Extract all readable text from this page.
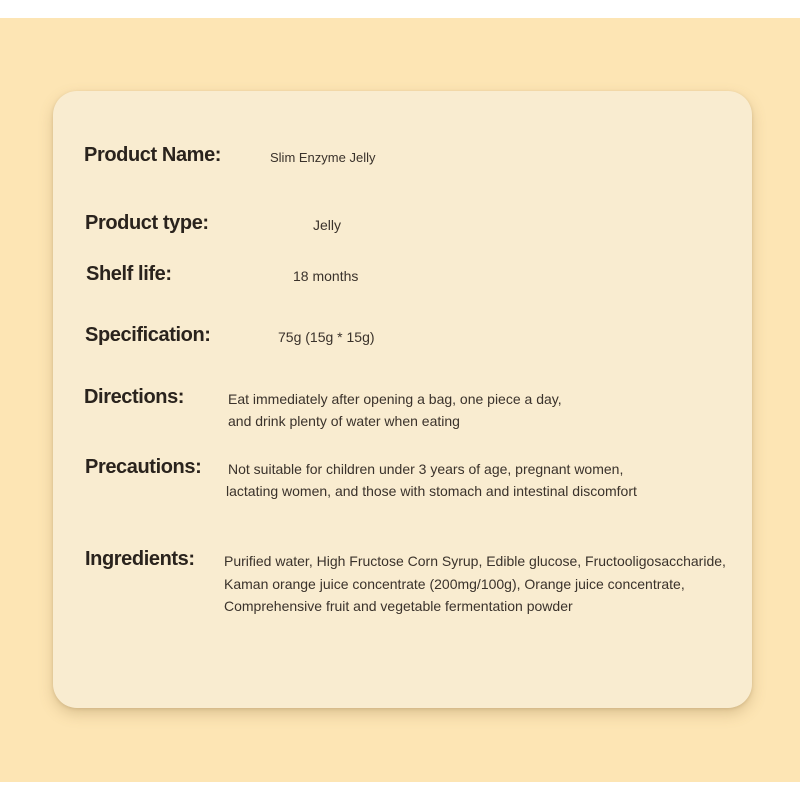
Product Name:	Slim Enzyme Jelly
Product type:	Jelly
Shelf life:	18 months
Specification:	75g (15g * 15g)
Directions:	Eat immediately after opening a bag, one piece a day,
and drink plenty of water when eating
Precautions: Not suitable for children under 3 years of age, pregnant women,
lactating women, and those with stomach and intestinal discomfort
Ingredients: Purified water, High Fructose Corn Syrup, Edible glucose, Fructooligosaccharide,
Kaman orange juice concentrate (200mg/100g), Orange juice concentrate,
Comprehensive fruit and vegetable fermentation powder
